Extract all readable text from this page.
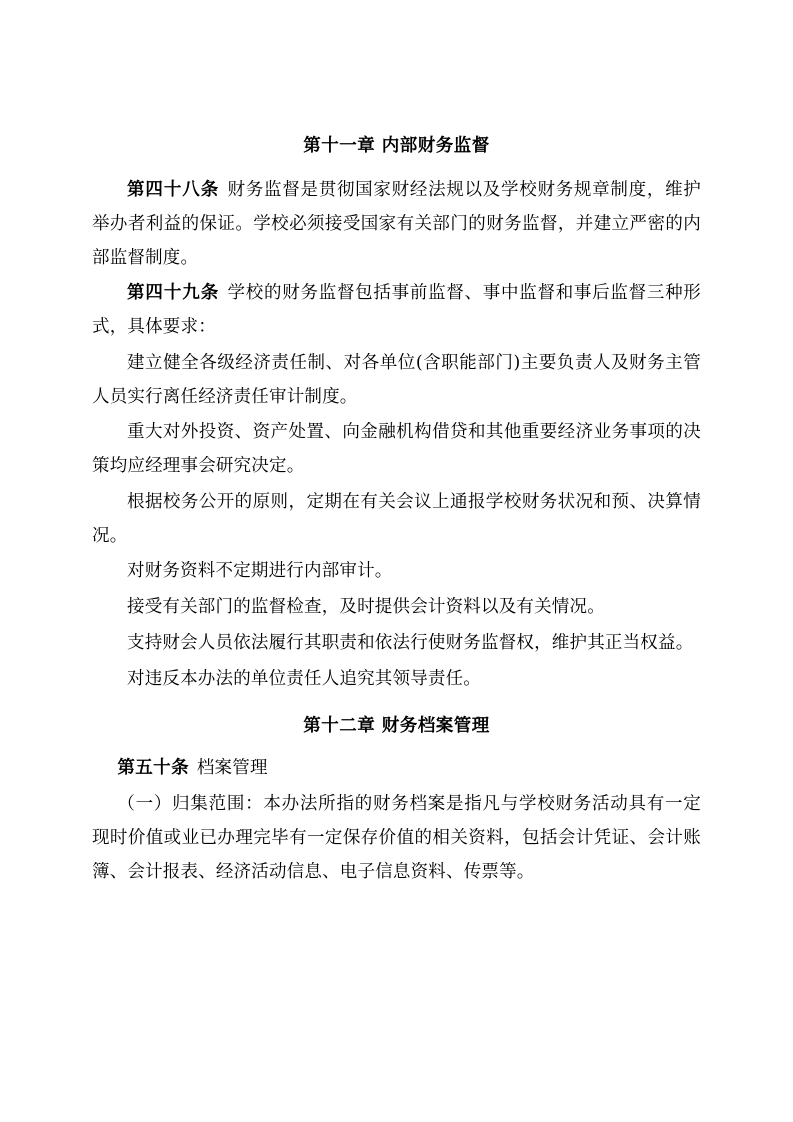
第十一章 内部财务监督

第四十八条 财务监督是贯彻国家财经法规以及学校财务规章制度，维护举办者利益的保证。学校必须接受国家有关部门的财务监督，并建立严密的内部监督制度。

第四十九条 学校的财务监督包括事前监督、事中监督和事后监督三种形式，具体要求：

建立健全各级经济责任制、对各单位(含职能部门)主要负责人及财务主管人员实行离任经济责任审计制度。

重大对外投资、资产处置、向金融机构借贷和其他重要经济业务事项的决策均应经理事会研究决定。

根据校务公开的原则，定期在有关会议上通报学校财务状况和预、决算情况。

对财务资料不定期进行内部审计。

接受有关部门的监督检查，及时提供会计资料以及有关情况。

支持财会人员依法履行其职责和依法行使财务监督权，维护其正当权益。

对违反本办法的单位责任人追究其领导责任。

第十二章 财务档案管理

第五十条 档案管理

（一）归集范围：本办法所指的财务档案是指凡与学校财务活动具有一定现时价值或业已办理完毕有一定保存价值的相关资料，包括会计凭证、会计账簿、会计报表、经济活动信息、电子信息资料、传票等。
